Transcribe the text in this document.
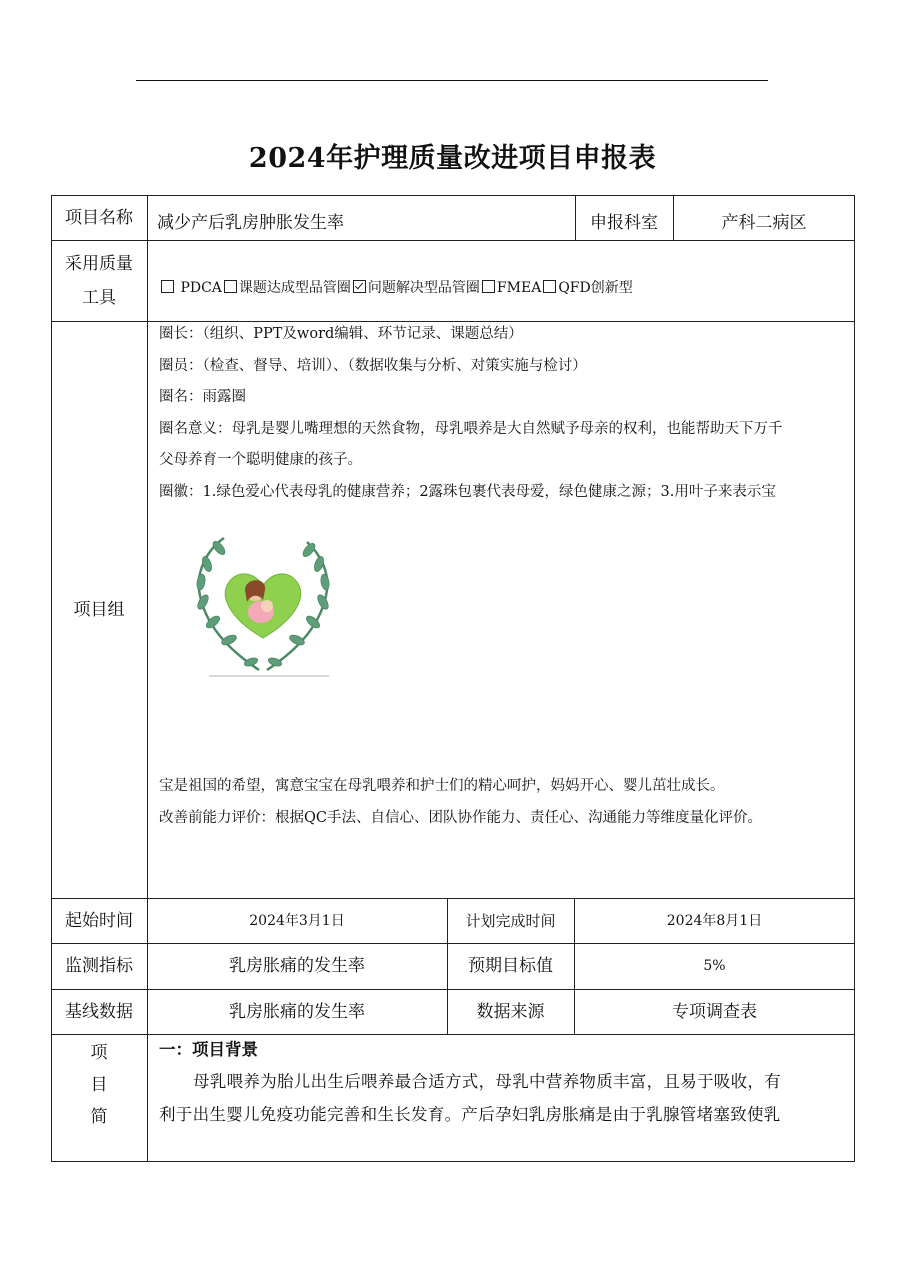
2024年护理质量改进项目申报表
项目名称	减少产后乳房肿胀发生率	申报科室	产科二病区
采用质量工具	PDCA 课题达成型品管圈 问题解决型品管圈 FMEA QFD创新型
项目组

圈长：（组织、PPT及word编辑、环节记录、课题总结）

圈员：（检查、督导、培训）、（数据收集与分析、对策实施与检讨）

圈名：雨露圈

圈名意义：母乳是婴儿嘴理想的天然食物，母乳喂养是大自然赋予母亲的权利，也能帮助天下万千

父母养育一个聪明健康的孩子。

圈徽：1.绿色爱心代表母乳的健康营养；2露珠包裹代表母爱，绿色健康之源；3.用叶子来表示宝

宝是祖国的希望，寓意宝宝在母乳喂养和护士们的精心呵护，妈妈开心、婴儿茁壮成长。

改善前能力评价：根据QC手法、自信心、团队协作能力、责任心、沟通能力等维度量化评价。

起始时间	2024年3月1日	计划完成时间	2024年8月1日
监测指标	乳房胀痛的发生率	预期目标值	5%
基线数据	乳房胀痛的发生率	数据来源	专项调查表
项
目
简

一：项目背景

母乳喂养为胎儿出生后喂养最合适方式，母乳中营养物质丰富，且易于吸收，有

利于出生婴儿免疫功能完善和生长发育。产后孕妇乳房胀痛是由于乳腺管堵塞致使乳
